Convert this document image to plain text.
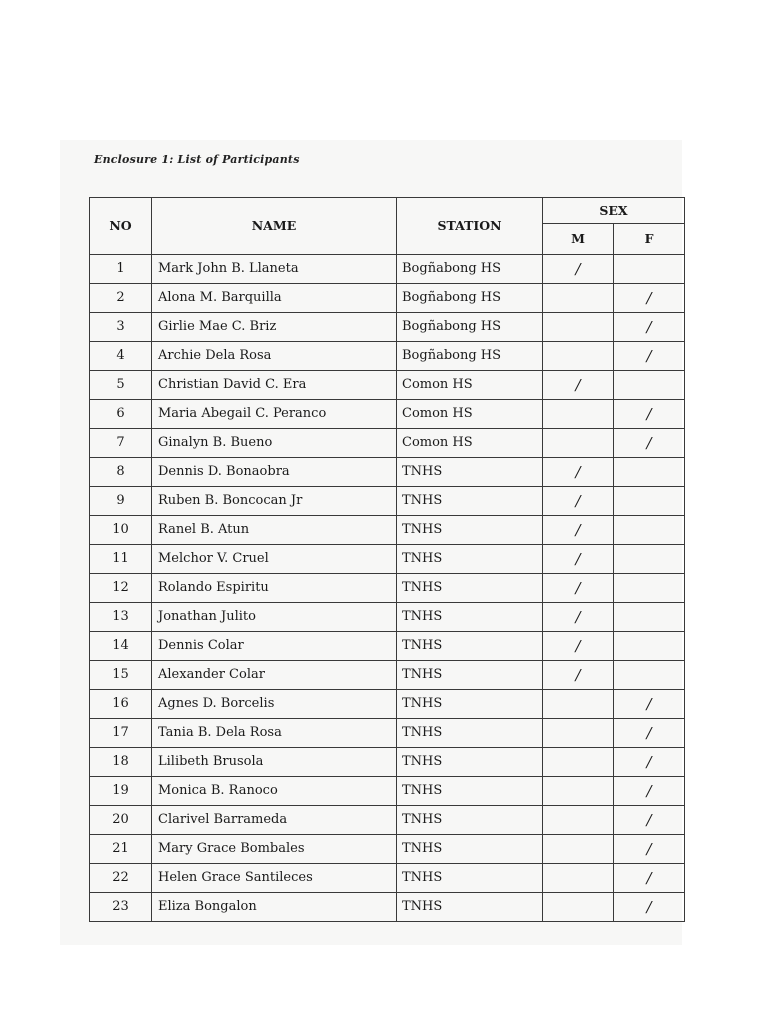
Enclosure 1: List of Participants
NO	NAME	STATION	SEX	
			M	F
1	Mark John B. Llaneta	Bogñabong HS	/	
2	Alona M. Barquilla	Bogñabong HS		/
3	Girlie Mae C. Briz	Bogñabong HS		/
4	Archie Dela Rosa	Bogñabong HS		/
5	Christian David C. Era	Comon HS	/	
6	Maria Abegail C. Peranco	Comon HS		/
7	Ginalyn B. Bueno	Comon HS		/
8	Dennis D. Bonaobra	TNHS	/	
9	Ruben B. Boncocan Jr	TNHS	/	
10	Ranel B. Atun	TNHS	/	
11	Melchor V. Cruel	TNHS	/	
12	Rolando Espiritu	TNHS	/	
13	Jonathan Julito	TNHS	/	
14	Dennis Colar	TNHS	/	
15	Alexander Colar	TNHS	/	
16	Agnes D. Borcelis	TNHS		/
17	Tania B. Dela Rosa	TNHS		/
18	Lilibeth Brusola	TNHS		/
19	Monica B. Ranoco	TNHS		/
20	Clarivel Barrameda	TNHS		/
21	Mary Grace Bombales	TNHS		/
22	Helen Grace Santileces	TNHS		/
23	Eliza Bongalon	TNHS		/
